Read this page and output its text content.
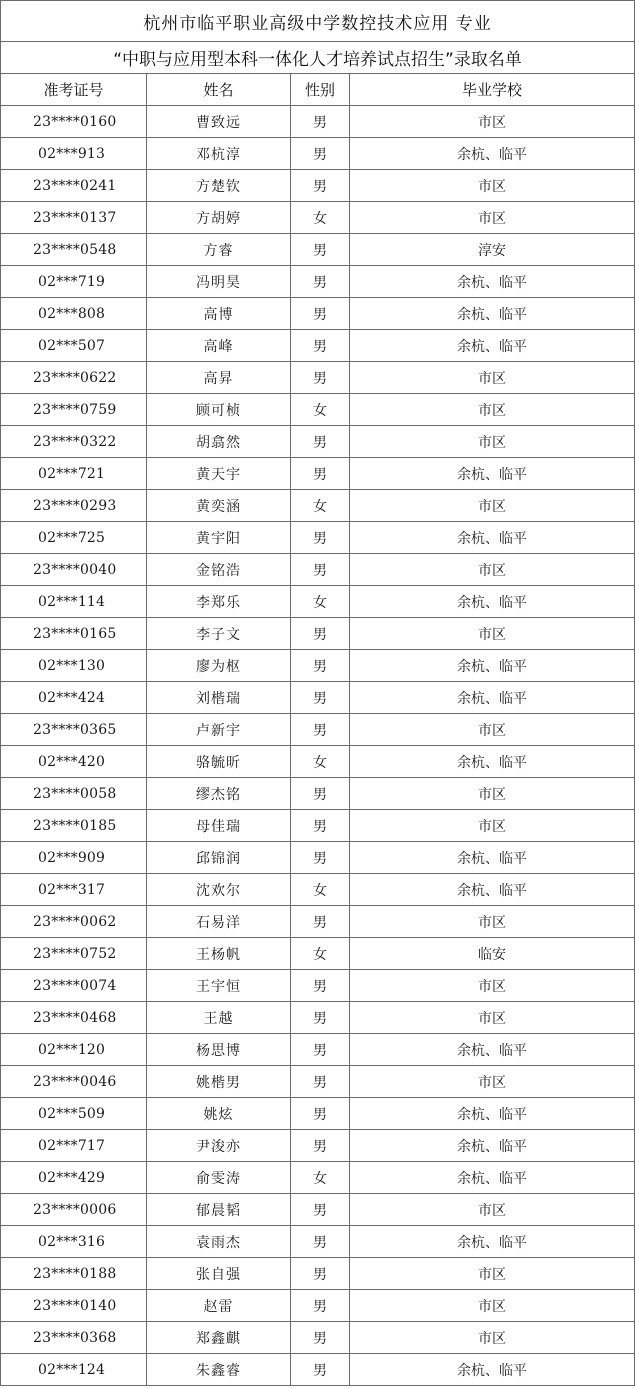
杭州市临平职业高级中学数控技术应用 专业			
“中职与应用型本科一体化人才培养试点招生”录取名单			
准考证号	姓名	性别	毕业学校
23****0160	曹致远	男	市区
02***913	邓杭淳	男	余杭、临平
23****0241	方楚钦	男	市区
23****0137	方胡婷	女	市区
23****0548	方睿	男	淳安
02***719	冯明昊	男	余杭、临平
02***808	高博	男	余杭、临平
02***507	高峰	男	余杭、临平
23****0622	高昇	男	市区
23****0759	顾可桢	女	市区
23****0322	胡翕然	男	市区
02***721	黄天宇	男	余杭、临平
23****0293	黄奕涵	女	市区
02***725	黄宇阳	男	余杭、临平
23****0040	金铭浩	男	市区
02***114	李郑乐	女	余杭、临平
23****0165	李子文	男	市区
02***130	廖为枢	男	余杭、临平
02***424	刘楷瑞	男	余杭、临平
23****0365	卢新宇	男	市区
02***420	骆毓昕	女	余杭、临平
23****0058	缪杰铭	男	市区
23****0185	母佳瑞	男	市区
02***909	邱锦润	男	余杭、临平
02***317	沈欢尔	女	余杭、临平
23****0062	石易洋	男	市区
23****0752	王杨帆	女	临安
23****0074	王宇恒	男	市区
23****0468	王越	男	市区
02***120	杨思博	男	余杭、临平
23****0046	姚楷男	男	市区
02***509	姚炫	男	余杭、临平
02***717	尹浚亦	男	余杭、临平
02***429	俞雯涛	女	余杭、临平
23****0006	郁晨韬	男	市区
02***316	袁雨杰	男	余杭、临平
23****0188	张自强	男	市区
23****0140	赵雷	男	市区
23****0368	郑鑫麒	男	市区
02***124	朱鑫睿	男	余杭、临平
